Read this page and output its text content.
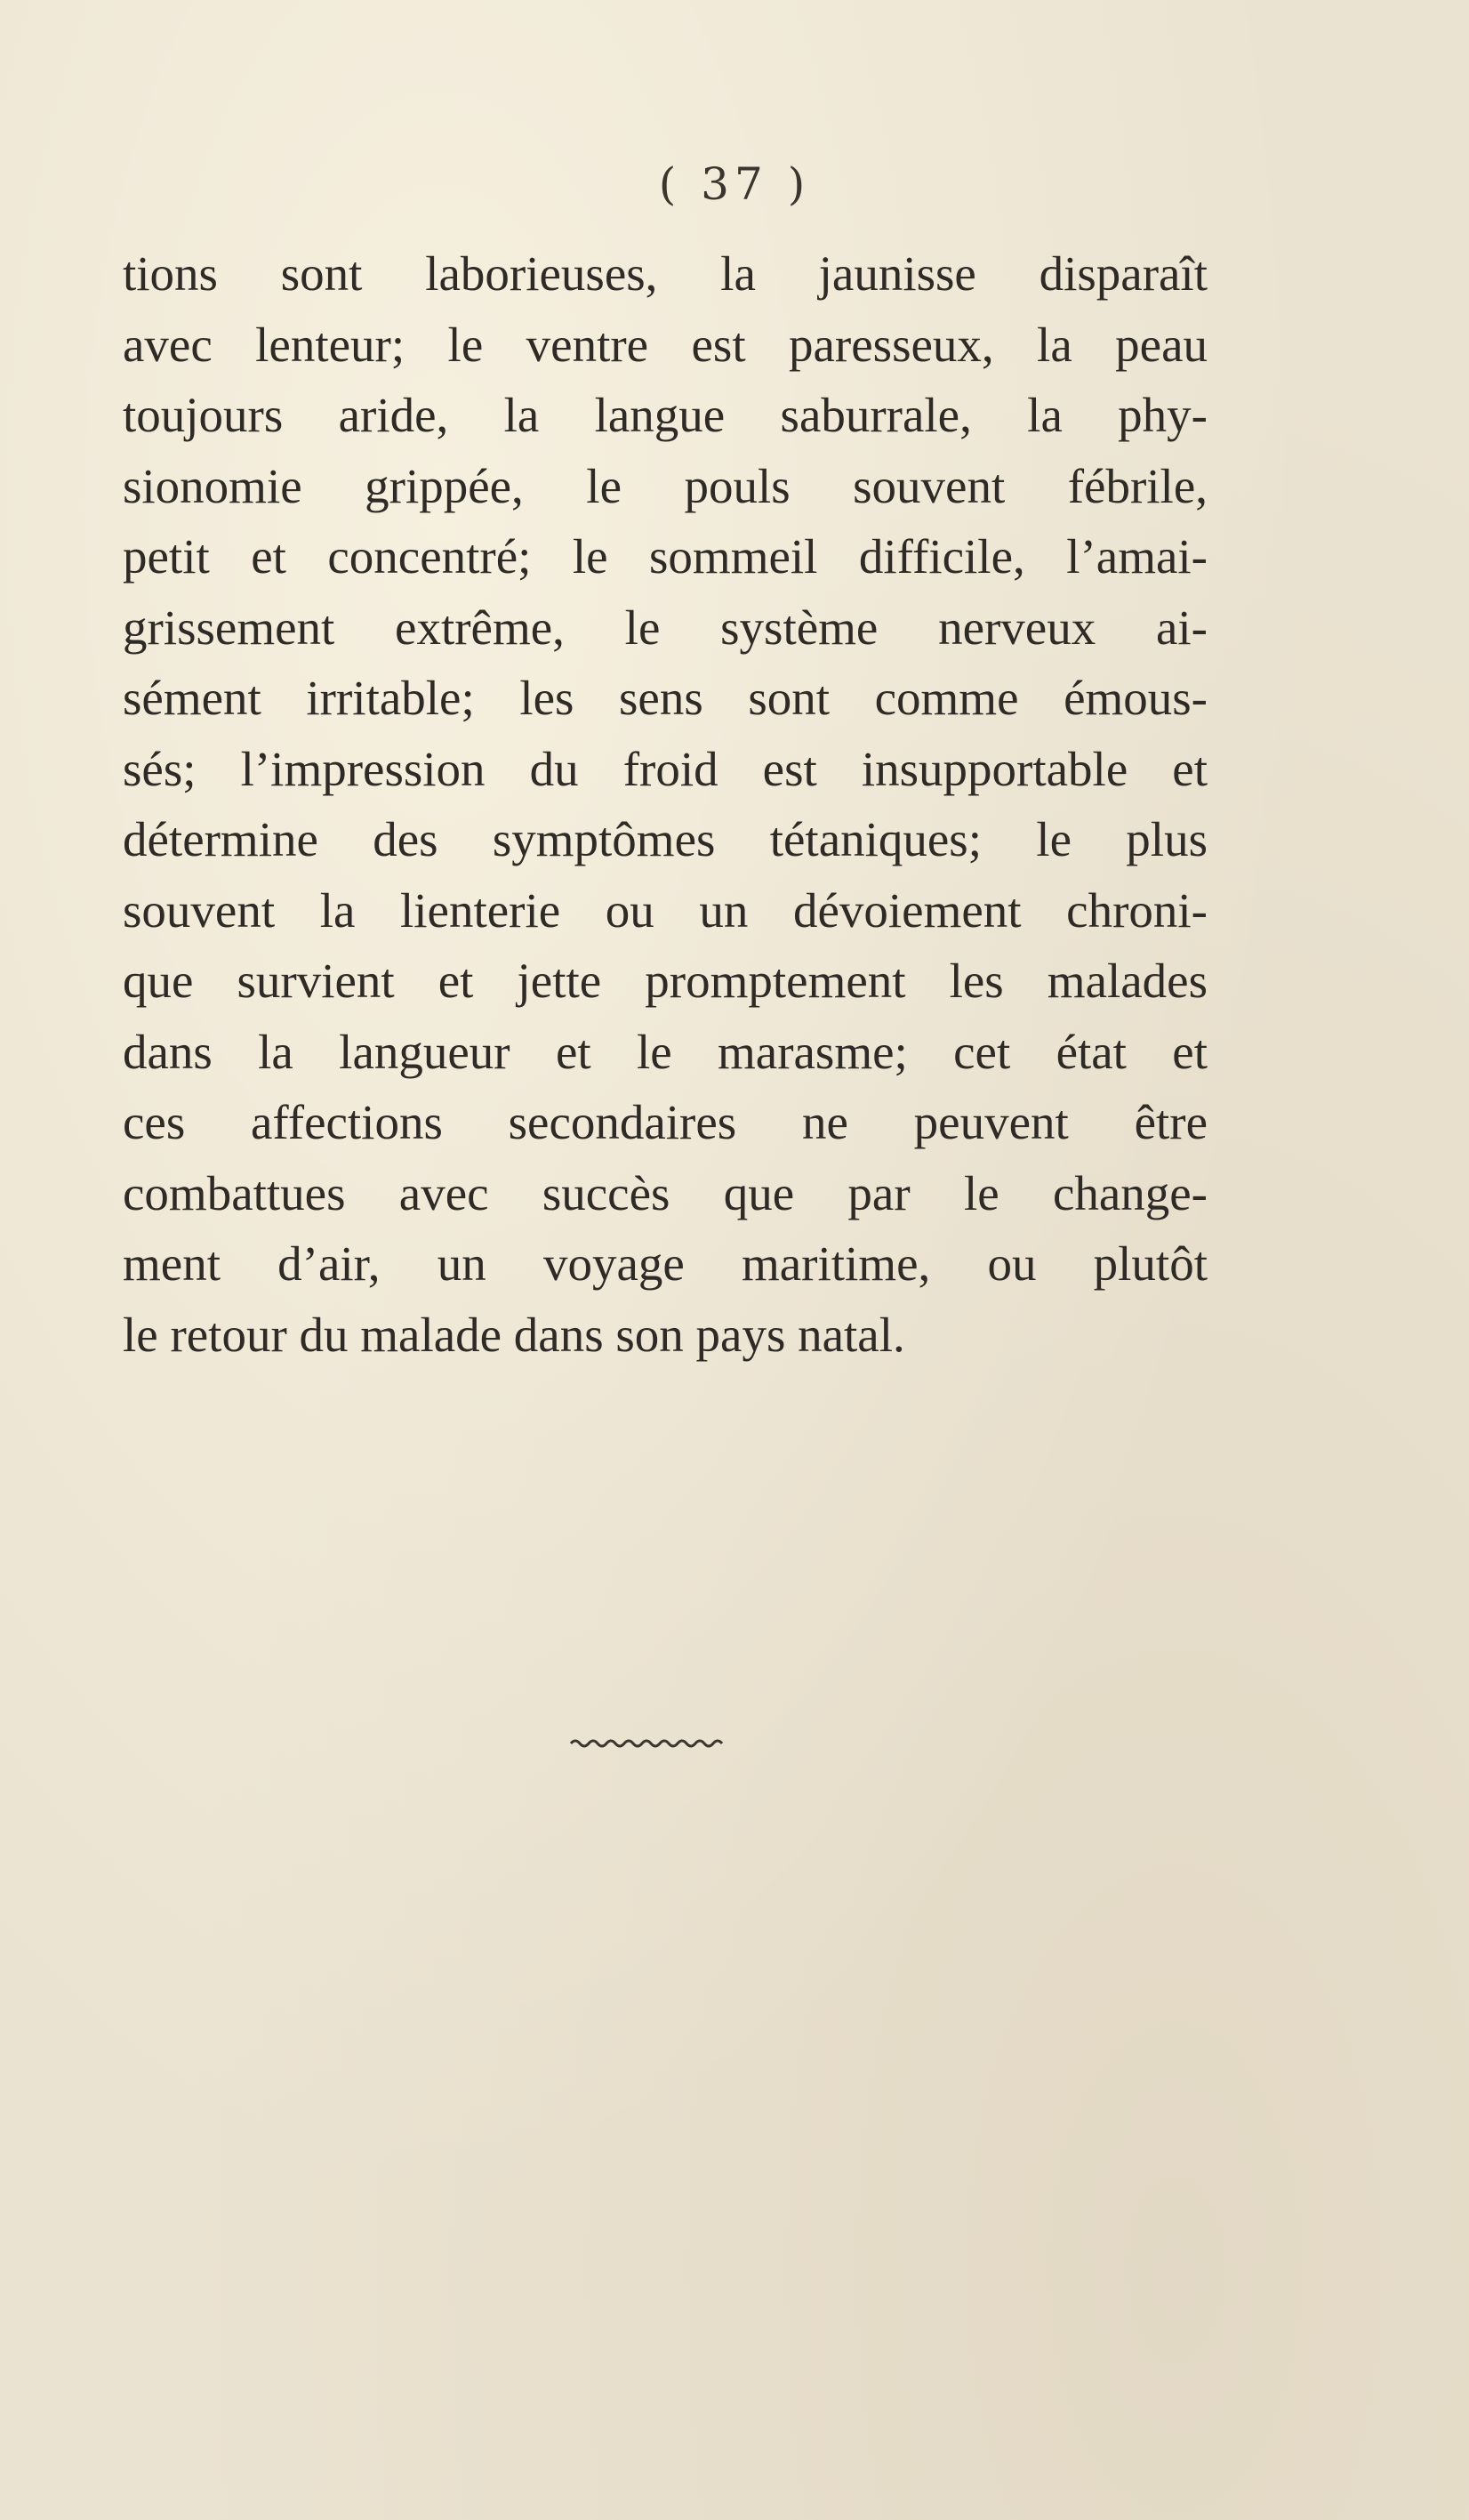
( 37 )
tions sont laborieuses, la jaunisse disparaît
avec lenteur; le ventre est paresseux, la peau
toujours aride, la langue saburrale, la phy-
sionomie grippée, le pouls souvent fébrile,
petit et concentré; le sommeil difficile, l’amai-
grissement extrême, le système nerveux ai-
sément irritable; les sens sont comme émous-
sés; l’impression du froid est insupportable et
détermine des symptômes tétaniques; le plus
souvent la lienterie ou un dévoiement chroni-
que survient et jette promptement les malades
dans la langueur et le marasme; cet état et
ces affections secondaires ne peuvent être
combattues avec succès que par le change-
ment d’air, un voyage maritime, ou plutôt
le retour du malade dans son pays natal.
